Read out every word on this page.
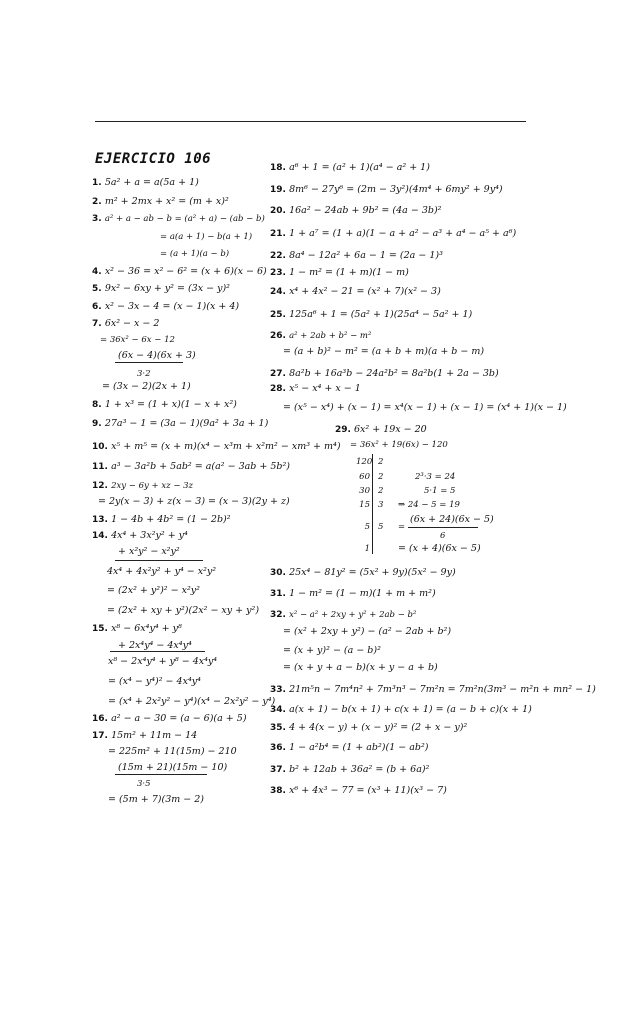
EJERCICIO 106
1. 5a² + a = a(5a + 1)
2. m² + 2mx + x² = (m + x)²
3. a² + a − ab − b = (a² + a) − (ab − b)
= a(a + 1) − b(a + 1)
= (a + 1)(a − b)
4. x² − 36 = x² − 6² = (x + 6)(x − 6)
5. 9x² − 6xy + y² = (3x − y)²
6. x² − 3x − 4 = (x − 1)(x + 4)
7. 6x² − x − 2
= 36x² − 6x − 12
(6x − 4)(6x + 3)
3·2
= (3x − 2)(2x + 1)
8. 1 + x³ = (1 + x)(1 − x + x²)
9. 27a³ − 1 = (3a − 1)(9a² + 3a + 1)
10. x⁵ + m⁵ = (x + m)(x⁴ − x³m + x²m² − xm³ + m⁴)
11. a³ − 3a²b + 5ab² = a(a² − 3ab + 5b²)
12. 2xy − 6y + xz − 3z
= 2y(x − 3) + z(x − 3) = (x − 3)(2y + z)
13. 1 − 4b + 4b² = (1 − 2b)²
14. 4x⁴ + 3x²y² + y⁴
+ x²y² − x²y²
4x⁴ + 4x²y² + y⁴ − x²y²
= (2x² + y²)² − x²y²
= (2x² + xy + y²)(2x² − xy + y²)
15. x⁸ − 6x⁴y⁴ + y⁸
+ 2x⁴y⁴ − 4x⁴y⁴
x⁸ − 2x⁴y⁴ + y⁸ − 4x⁴y⁴
= (x⁴ − y⁴)² − 4x⁴y⁴
= (x⁴ + 2x²y² − y⁴)(x⁴ − 2x²y² − y⁴)
16. a² − a − 30 = (a − 6)(a + 5)
17. 15m² + 11m − 14
= 225m² + 11(15m) − 210
(15m + 21)(15m − 10)
3·5
= (5m + 7)(3m − 2)
18. a⁶ + 1 = (a² + 1)(a⁴ − a² + 1)
19. 8m⁶ − 27y⁶ = (2m − 3y²)(4m⁴ + 6my² + 9y⁴)
20. 16a² − 24ab + 9b² = (4a − 3b)²
21. 1 + a⁷ = (1 + a)(1 − a + a² − a³ + a⁴ − a⁵ + a⁶)
22. 8a⁴ − 12a² + 6a − 1 = (2a − 1)³
23. 1 − m² = (1 + m)(1 − m)
24. x⁴ + 4x² − 21 = (x² + 7)(x² − 3)
25. 125a⁶ + 1 = (5a² + 1)(25a⁴ − 5a² + 1)
26. a² + 2ab + b² − m²
= (a + b)² − m² = (a + b + m)(a + b − m)
27. 8a²b + 16a³b − 24a²b² = 8a²b(1 + 2a − 3b)
28. x⁵ − x⁴ + x − 1
= (x⁵ − x⁴) + (x − 1) = x⁴(x − 1) + (x − 1) = (x⁴ + 1)(x − 1)
29. 6x² + 19x − 20
= 36x² + 19(6x) − 120
120
60
30
15
5
1
2
2
2
3
5
2³·3 = 24
5·1 = 5
⇒ 24 − 5 = 19
=
(6x + 24)(6x − 5)
6
= (x + 4)(6x − 5)
30. 25x⁴ − 81y² = (5x² + 9y)(5x² − 9y)
31. 1 − m² = (1 − m)(1 + m + m²)
32. x² − a² + 2xy + y² + 2ab − b²
= (x² + 2xy + y²) − (a² − 2ab + b²)
= (x + y)² − (a − b)²
= (x + y + a − b)(x + y − a + b)
33. 21m⁵n − 7m⁴n² + 7m³n³ − 7m²n = 7m²n(3m³ − m²n + mn² − 1)
34. a(x + 1) − b(x + 1) + c(x + 1) = (a − b + c)(x + 1)
35. 4 + 4(x − y) + (x − y)² = (2 + x − y)²
36. 1 − a²b⁴ = (1 + ab²)(1 − ab²)
37. b² + 12ab + 36a² = (b + 6a)²
38. x⁶ + 4x³ − 77 = (x³ + 11)(x³ − 7)
